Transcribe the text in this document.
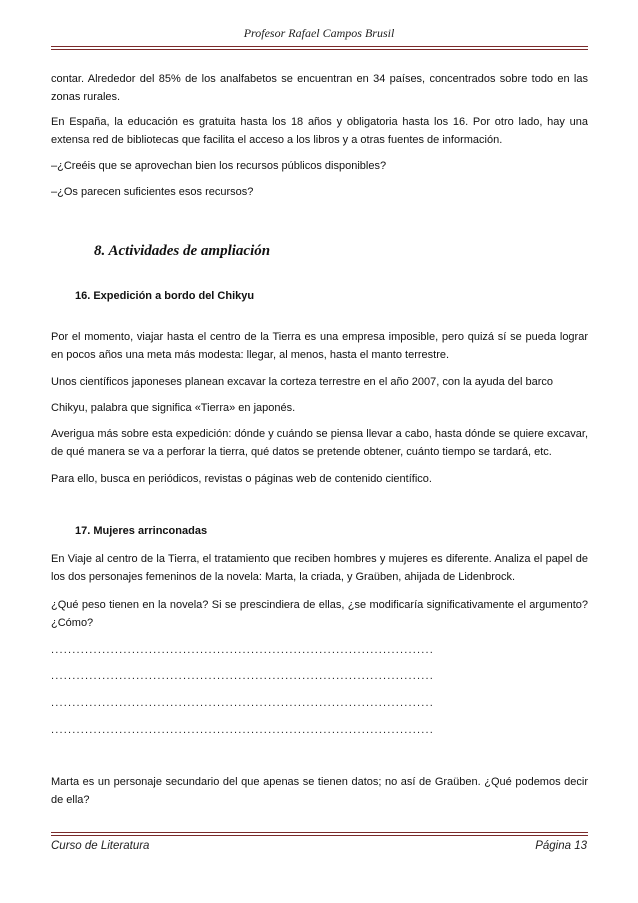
Profesor Rafael Campos Brusil
contar. Alrededor del 85% de los analfabetos se encuentran en 34 países, concentrados sobre todo en las zonas rurales.
En España, la educación es gratuita hasta los 18 años y obligatoria hasta los 16. Por otro lado, hay una extensa red de bibliotecas que facilita el acceso a los libros y a otras fuentes de información.
–¿Creéis que se aprovechan bien los recursos públicos disponibles?
–¿Os parecen suficientes esos recursos?
8. Actividades de ampliación
16. Expedición a bordo del Chikyu
Por el momento, viajar hasta el centro de la Tierra es una empresa imposible, pero quizá sí se pueda lograr en pocos años una meta más modesta: llegar, al menos, hasta el manto terrestre.
Unos científicos japoneses planean excavar la corteza terrestre en el año 2007, con la ayuda del barco
Chikyu, palabra que significa «Tierra» en japonés.
Averigua más sobre esta expedición: dónde y cuándo se piensa llevar a cabo, hasta dónde se quiere excavar, de qué manera se va a perforar la tierra, qué datos se pretende obtener, cuánto tiempo se tardará, etc.
Para ello, busca en periódicos, revistas o páginas web de contenido científico.
17. Mujeres arrinconadas
En Viaje al centro de la Tierra, el tratamiento que reciben hombres y mujeres es diferente. Analiza el papel de los dos personajes femeninos de la novela: Marta, la criada, y Graüben, ahijada de Lidenbrock.
¿Qué peso tienen en la novela? Si se prescindiera de ellas, ¿se modificaría significativamente el argumento? ¿Cómo?
..........................................................................................
..........................................................................................
..........................................................................................
..........................................................................................
Marta es un personaje secundario del que apenas se tienen datos; no así de Graüben. ¿Qué podemos decir de ella?
Curso de Literatura	Página 13
